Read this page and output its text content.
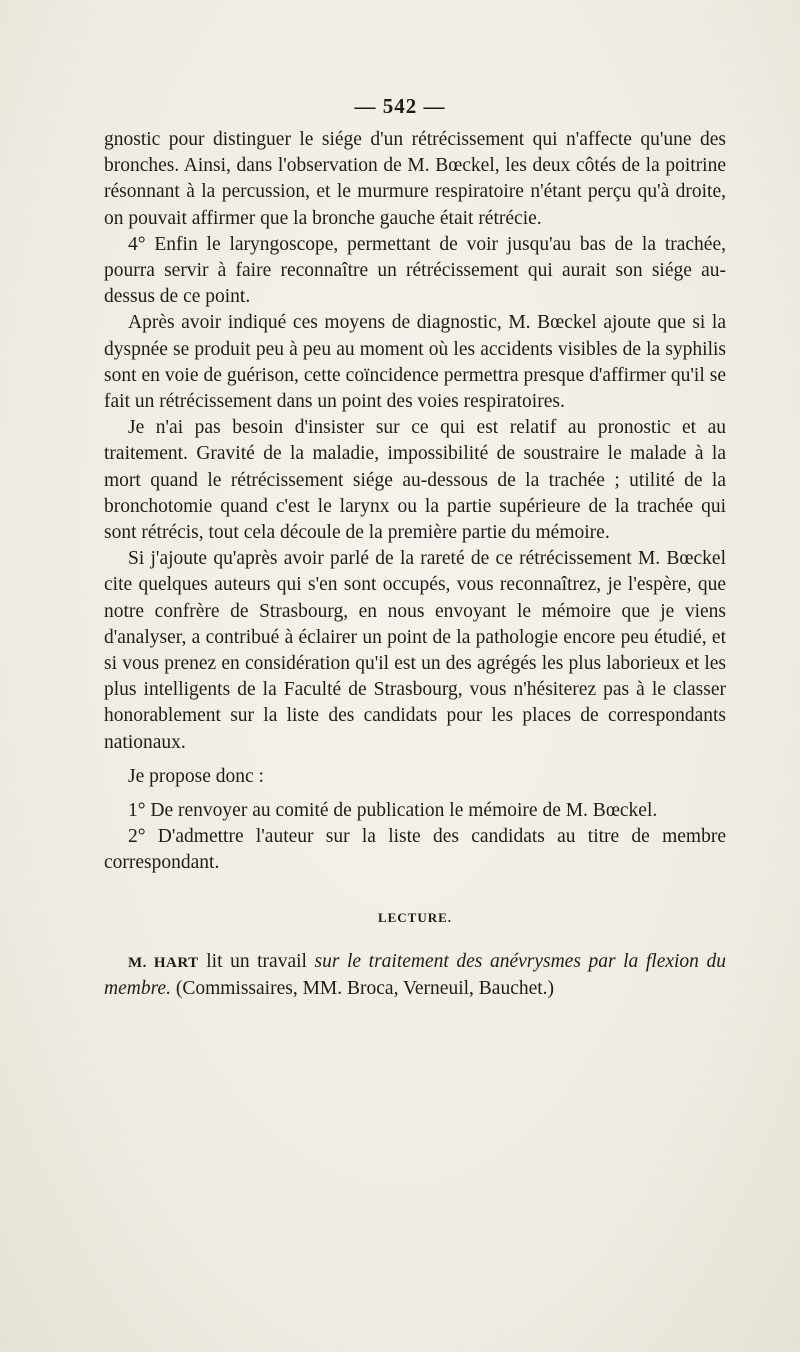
— 542 —

gnostic pour distinguer le siége d'un rétrécissement qui n'affecte qu'une des bronches. Ainsi, dans l'observation de M. Bœckel, les deux côtés de la poitrine résonnant à la percussion, et le murmure respiratoire n'étant perçu qu'à droite, on pouvait affirmer que la bronche gauche était rétrécie.

4° Enfin le laryngoscope, permettant de voir jusqu'au bas de la trachée, pourra servir à faire reconnaître un rétrécissement qui aurait son siége au-dessus de ce point.

Après avoir indiqué ces moyens de diagnostic, M. Bœckel ajoute que si la dyspnée se produit peu à peu au moment où les accidents visibles de la syphilis sont en voie de guérison, cette coïncidence permettra presque d'affirmer qu'il se fait un rétrécissement dans un point des voies respiratoires.

Je n'ai pas besoin d'insister sur ce qui est relatif au pronostic et au traitement. Gravité de la maladie, impossibilité de soustraire le malade à la mort quand le rétrécissement siége au-dessous de la trachée ; utilité de la bronchotomie quand c'est le larynx ou la partie supérieure de la trachée qui sont rétrécis, tout cela découle de la première partie du mémoire.

Si j'ajoute qu'après avoir parlé de la rareté de ce rétrécissement M. Bœckel cite quelques auteurs qui s'en sont occupés, vous reconnaîtrez, je l'espère, que notre confrère de Strasbourg, en nous envoyant le mémoire que je viens d'analyser, a contribué à éclairer un point de la pathologie encore peu étudié, et si vous prenez en considération qu'il est un des agrégés les plus laborieux et les plus intelligents de la Faculté de Strasbourg, vous n'hésiterez pas à le classer honorablement sur la liste des candidats pour les places de correspondants nationaux.

Je propose donc :

1° De renvoyer au comité de publication le mémoire de M. Bœckel.

2° D'admettre l'auteur sur la liste des candidats au titre de membre correspondant.

LECTURE.

M. HART lit un travail sur le traitement des anévrysmes par la flexion du membre. (Commissaires, MM. Broca, Verneuil, Bauchet.)
